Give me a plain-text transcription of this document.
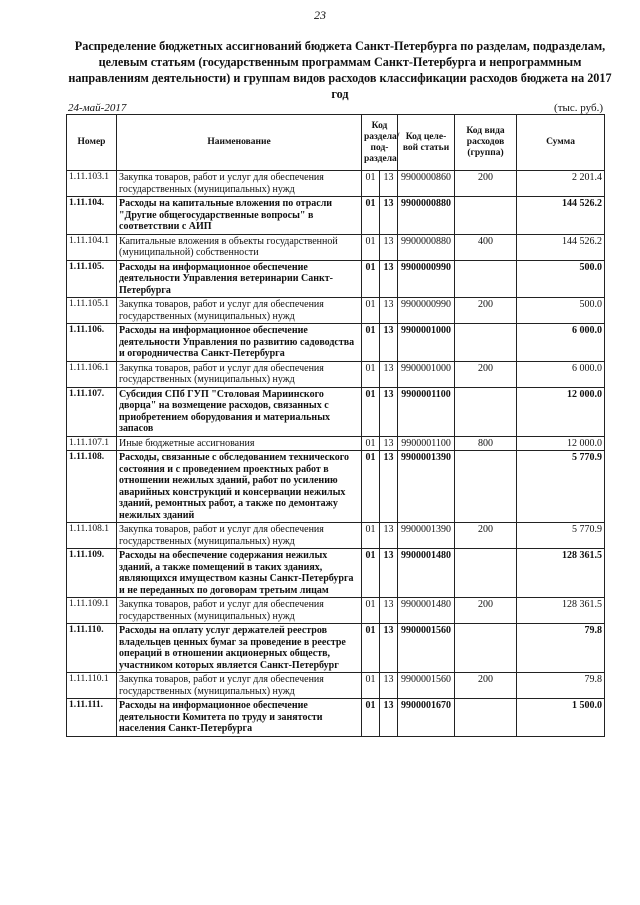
23
Распределение бюджетных ассигнований бюджета Санкт-Петербурга по разделам, подразделам, целевым статьям (государственным программам Санкт-Петербурга и непрограммным направлениям деятельности) и группам видов расходов классификации расходов бюджета на 2017 год
24-май-2017	(тыс. руб.)
Номер	Наименование	Код раздела/ под- раздела		Код целе- вой статьи	Код вида расходов (группа)	Сумма
1.11.103.1	Закупка товаров, работ и услуг для обеспечения государственных (муниципальных) нужд	01	13	9900000860	200	2 201.4
1.11.104.	Расходы на капитальные вложения по отрасли "Другие общегосударственные вопросы" в соответствии с АИП	01	13	9900000880		144 526.2
1.11.104.1	Капитальные вложения в объекты государственной (муниципальной) собственности	01	13	9900000880	400	144 526.2
1.11.105.	Расходы на информационное обеспечение деятельности Управления ветеринарии Санкт-Петербурга	01	13	9900000990		500.0
1.11.105.1	Закупка товаров, работ и услуг для обеспечения государственных (муниципальных) нужд	01	13	9900000990	200	500.0
1.11.106.	Расходы на информационное обеспечение деятельности Управления по развитию садоводства и огородничества Санкт-Петербурга	01	13	9900001000		6 000.0
1.11.106.1	Закупка товаров, работ и услуг для обеспечения государственных (муниципальных) нужд	01	13	9900001000	200	6 000.0
1.11.107.	Субсидия СПб ГУП "Столовая Мариинского дворца" на возмещение расходов, связанных с приобретением оборудования и материальных запасов	01	13	9900001100		12 000.0
1.11.107.1	Иные бюджетные ассигнования	01	13	9900001100	800	12 000.0
1.11.108.	Расходы, связанные с обследованием технического состояния и с проведением проектных работ в отношении нежилых зданий, работ по усилению аварийных конструкций и консервации нежилых зданий, ремонтных работ, а также по демонтажу нежилых зданий	01	13	9900001390		5 770.9
1.11.108.1	Закупка товаров, работ и услуг для обеспечения государственных (муниципальных) нужд	01	13	9900001390	200	5 770.9
1.11.109.	Расходы на обеспечение содержания нежилых зданий, а также помещений в таких зданиях, являющихся имуществом казны Санкт-Петербурга и не переданных по договорам третьим лицам	01	13	9900001480		128 361.5
1.11.109.1	Закупка товаров, работ и услуг для обеспечения государственных (муниципальных) нужд	01	13	9900001480	200	128 361.5
1.11.110.	Расходы на оплату услуг держателей реестров владельцев ценных бумаг за проведение в реестре операций в отношении акционерных обществ, участником которых является Санкт-Петербург	01	13	9900001560		79.8
1.11.110.1	Закупка товаров, работ и услуг для обеспечения государственных (муниципальных) нужд	01	13	9900001560	200	79.8
1.11.111.	Расходы на информационное обеспечение деятельности Комитета по труду и занятости населения Санкт-Петербурга	01	13	9900001670		1 500.0
